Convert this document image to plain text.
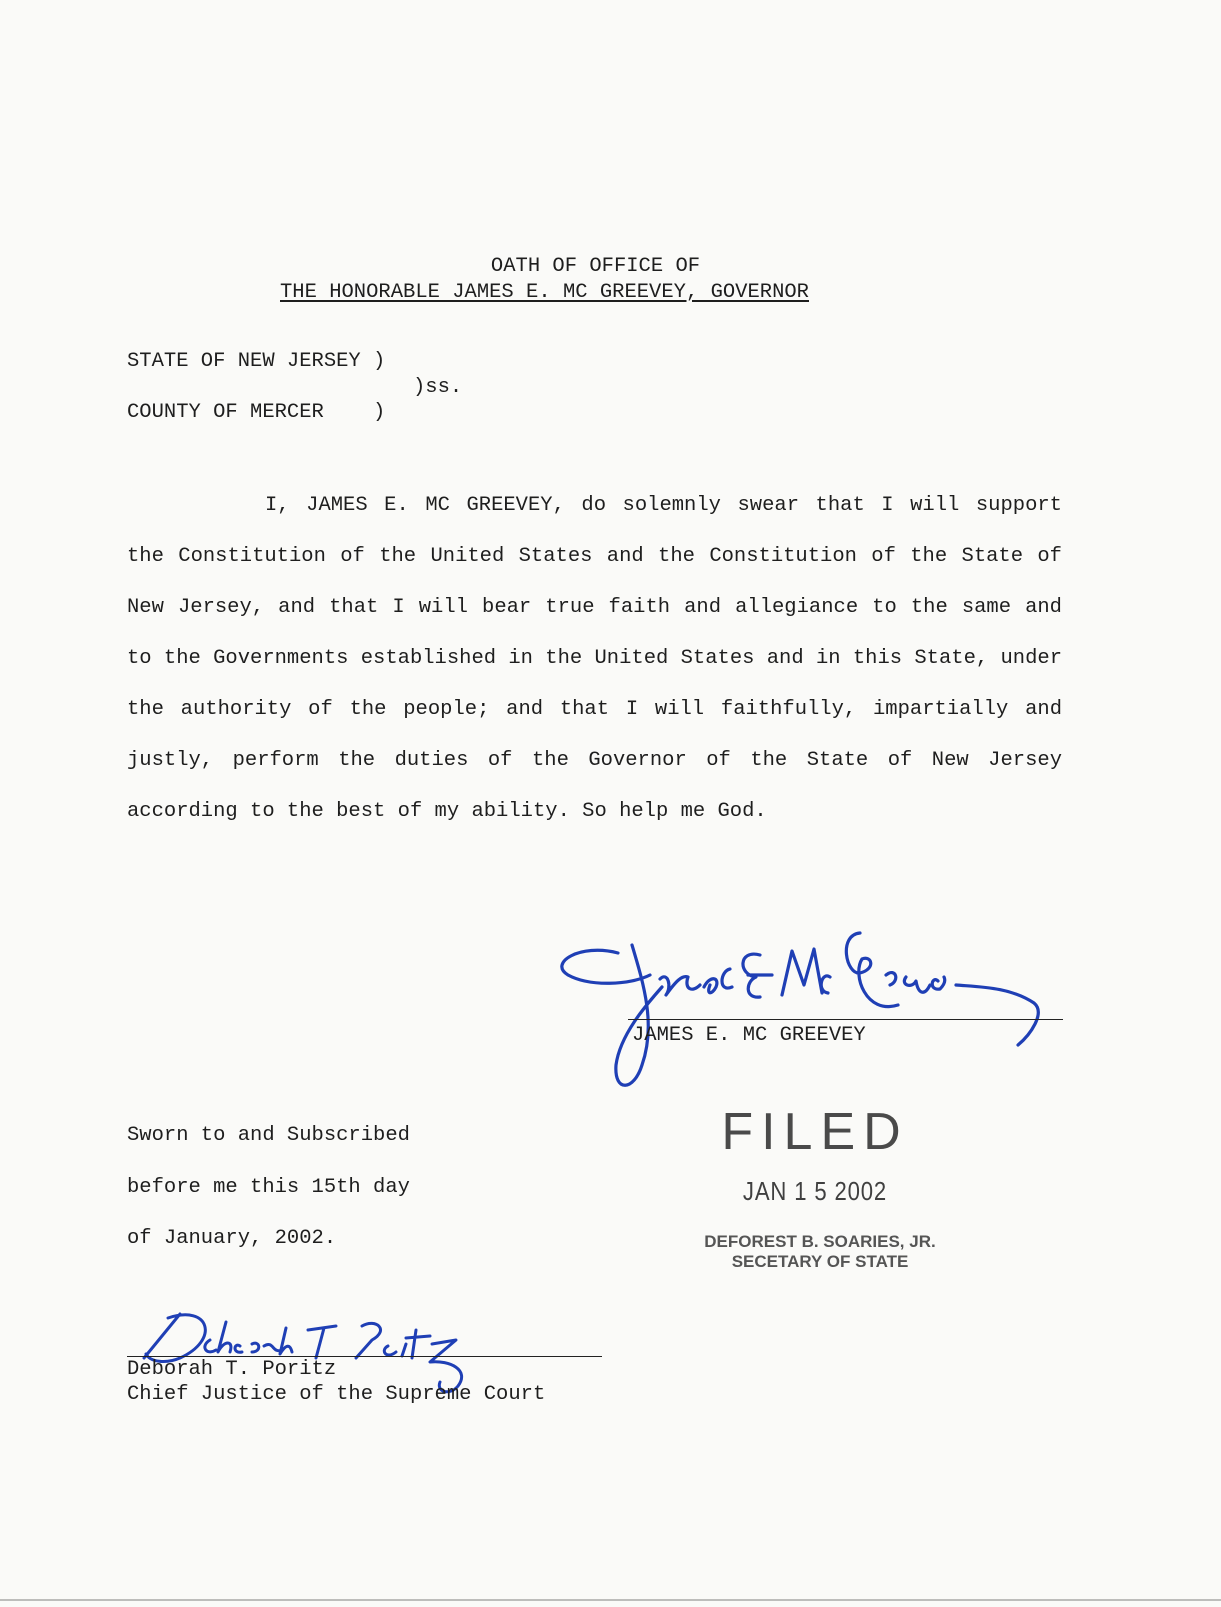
OATH OF OFFICE OF
THE HONORABLE JAMES E. MC GREEVEY, GOVERNOR
STATE OF NEW JERSEY )
)ss.
COUNTY OF MERCER    )
I, JAMES E. MC GREEVEY, do solemnly swear that I will support the Constitution of the United States and the Constitution of the State of New Jersey, and that I will bear true faith and allegiance to the same and to the Governments established in the United States and in this State, under the authority of the people; and that I will faithfully, impartially and justly, perform the duties of the Governor of the State of New Jersey according to the best of my ability. So help me God.
JAMES E. MC GREEVEY
Sworn to and Subscribed
before me this 15th day
of January, 2002.
FILED
JAN 1 5 2002
DEFOREST B. SOARIES, JR.
SECETARY OF STATE
Deborah T. Poritz
Chief Justice of the Supreme Court
